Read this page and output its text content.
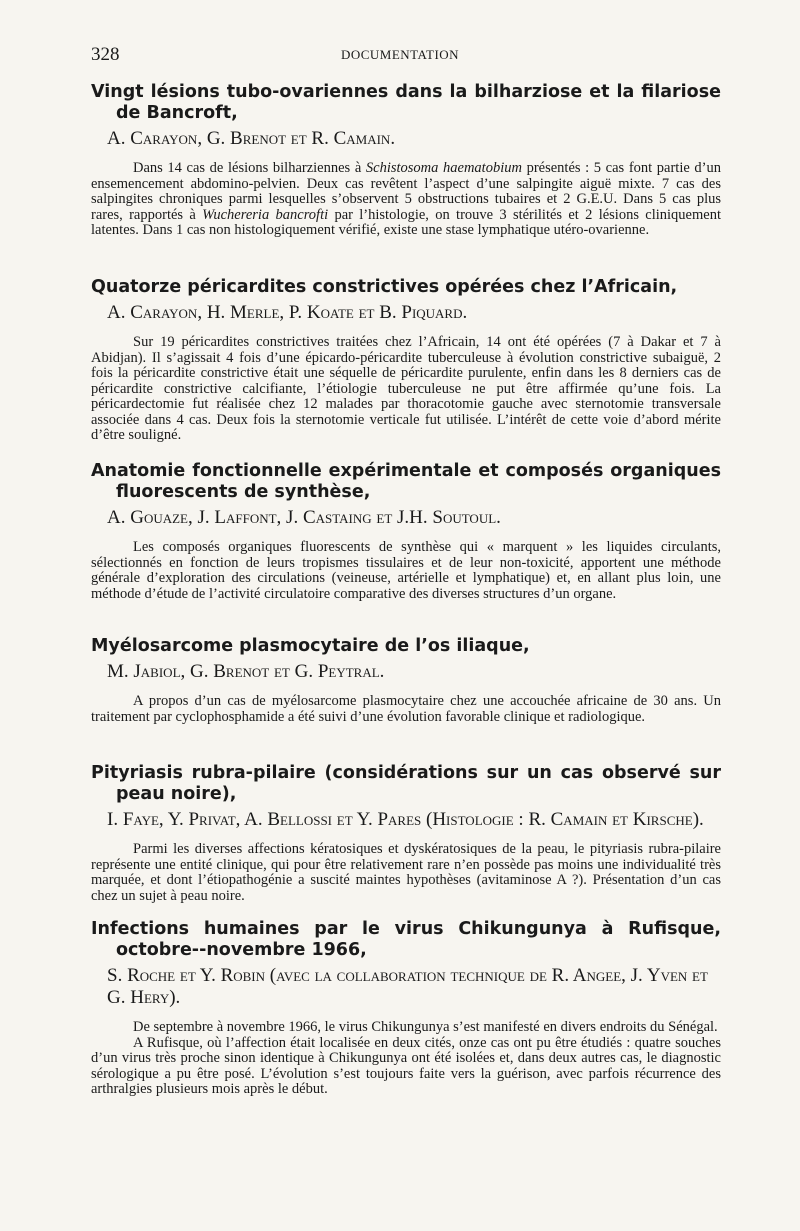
328	DOCUMENTATION
Vingt lésions tubo-ovariennes dans la bilharziose et la filariose de Bancroft,
A. Carayon, G. Brenot et R. Camain.

Dans 14 cas de lésions bilharziennes à Schistosoma haematobium présentés : 5 cas font partie d’un ensemencement abdomino-pelvien. Deux cas revêtent l’aspect d’une salpingite aiguë mixte. 7 cas des salpingites chroniques parmi lesquelles s’observent 5 obstructions tubaires et 2 G.E.U. Dans 5 cas plus rares, rapportés à Wuchereria bancrofti par l’histologie, on trouve 3 stérilités et 2 lésions cliniquement latentes. Dans 1 cas non histologiquement vérifié, existe une stase lymphatique utéro-ovarienne.

Quatorze péricardites constrictives opérées chez l’Africain,
A. Carayon, H. Merle, P. Koate et B. Piquard.

Sur 19 péricardites constrictives traitées chez l’Africain, 14 ont été opérées (7 à Dakar et 7 à Abidjan). Il s’agissait 4 fois d’une épicardo-péricardite tuberculeuse à évolution constrictive subaiguë, 2 fois la péricardite constrictive était une séquelle de péricardite purulente, enfin dans les 8 derniers cas de péricardite constrictive calcifiante, l’étiologie tuberculeuse ne put être affirmée qu’une fois. La péricardectomie fut réalisée chez 12 malades par thoracotomie gauche avec sternotomie transversale associée dans 4 cas. Deux fois la sternotomie verticale fut utilisée. L’intérêt de cette voie d’abord mérite d’être souligné.

Anatomie fonctionnelle expérimentale et composés organiques fluorescents de synthèse,
A. Gouaze, J. Laffont, J. Castaing et J.H. Soutoul.

Les composés organiques fluorescents de synthèse qui « marquent » les liquides circulants, sélectionnés en fonction de leurs tropismes tissulaires et de leur non-toxicité, apportent une méthode générale d’exploration des circulations (veineuse, artérielle et lymphatique) et, en allant plus loin, une méthode d’étude de l’activité circulatoire comparative des diverses structures d’un organe.

Myélosarcome plasmocytaire de l’os iliaque,
M. Jabiol, G. Brenot et G. Peytral.

A propos d’un cas de myélosarcome plasmocytaire chez une accouchée africaine de 30 ans. Un traitement par cyclophosphamide a été suivi d’une évolution favorable clinique et radiologique.

Pityriasis rubra-pilaire (considérations sur un cas observé sur peau noire),
I. Faye, Y. Privat, A. Bellossi et Y. Pares (Histologie : R. Camain et Kirsche).

Parmi les diverses affections kératosiques et dyskératosiques de la peau, le pityriasis rubra-pilaire représente une entité clinique, qui pour être relativement rare n’en possède pas moins une individualité très marquée, et dont l’étiopathogénie a suscité maintes hypothèses (avitaminose A ?). Présentation d’un cas chez un sujet à peau noire.

Infections humaines par le virus Chikungunya à Rufisque, octobre--novembre 1966,
S. Roche et Y. Robin (avec la collaboration technique de R. Angee, J. Yven et G. Hery).

De septembre à novembre 1966, le virus Chikungunya s’est manifesté en divers endroits du Sénégal.

A Rufisque, où l’affection était localisée en deux cités, onze cas ont pu être étudiés : quatre souches d’un virus très proche sinon identique à Chikungunya ont été isolées et, dans deux autres cas, le diagnostic sérologique a pu être posé. L’évolution s’est toujours faite vers la guérison, avec parfois récurrence des arthralgies plusieurs mois après le début.
